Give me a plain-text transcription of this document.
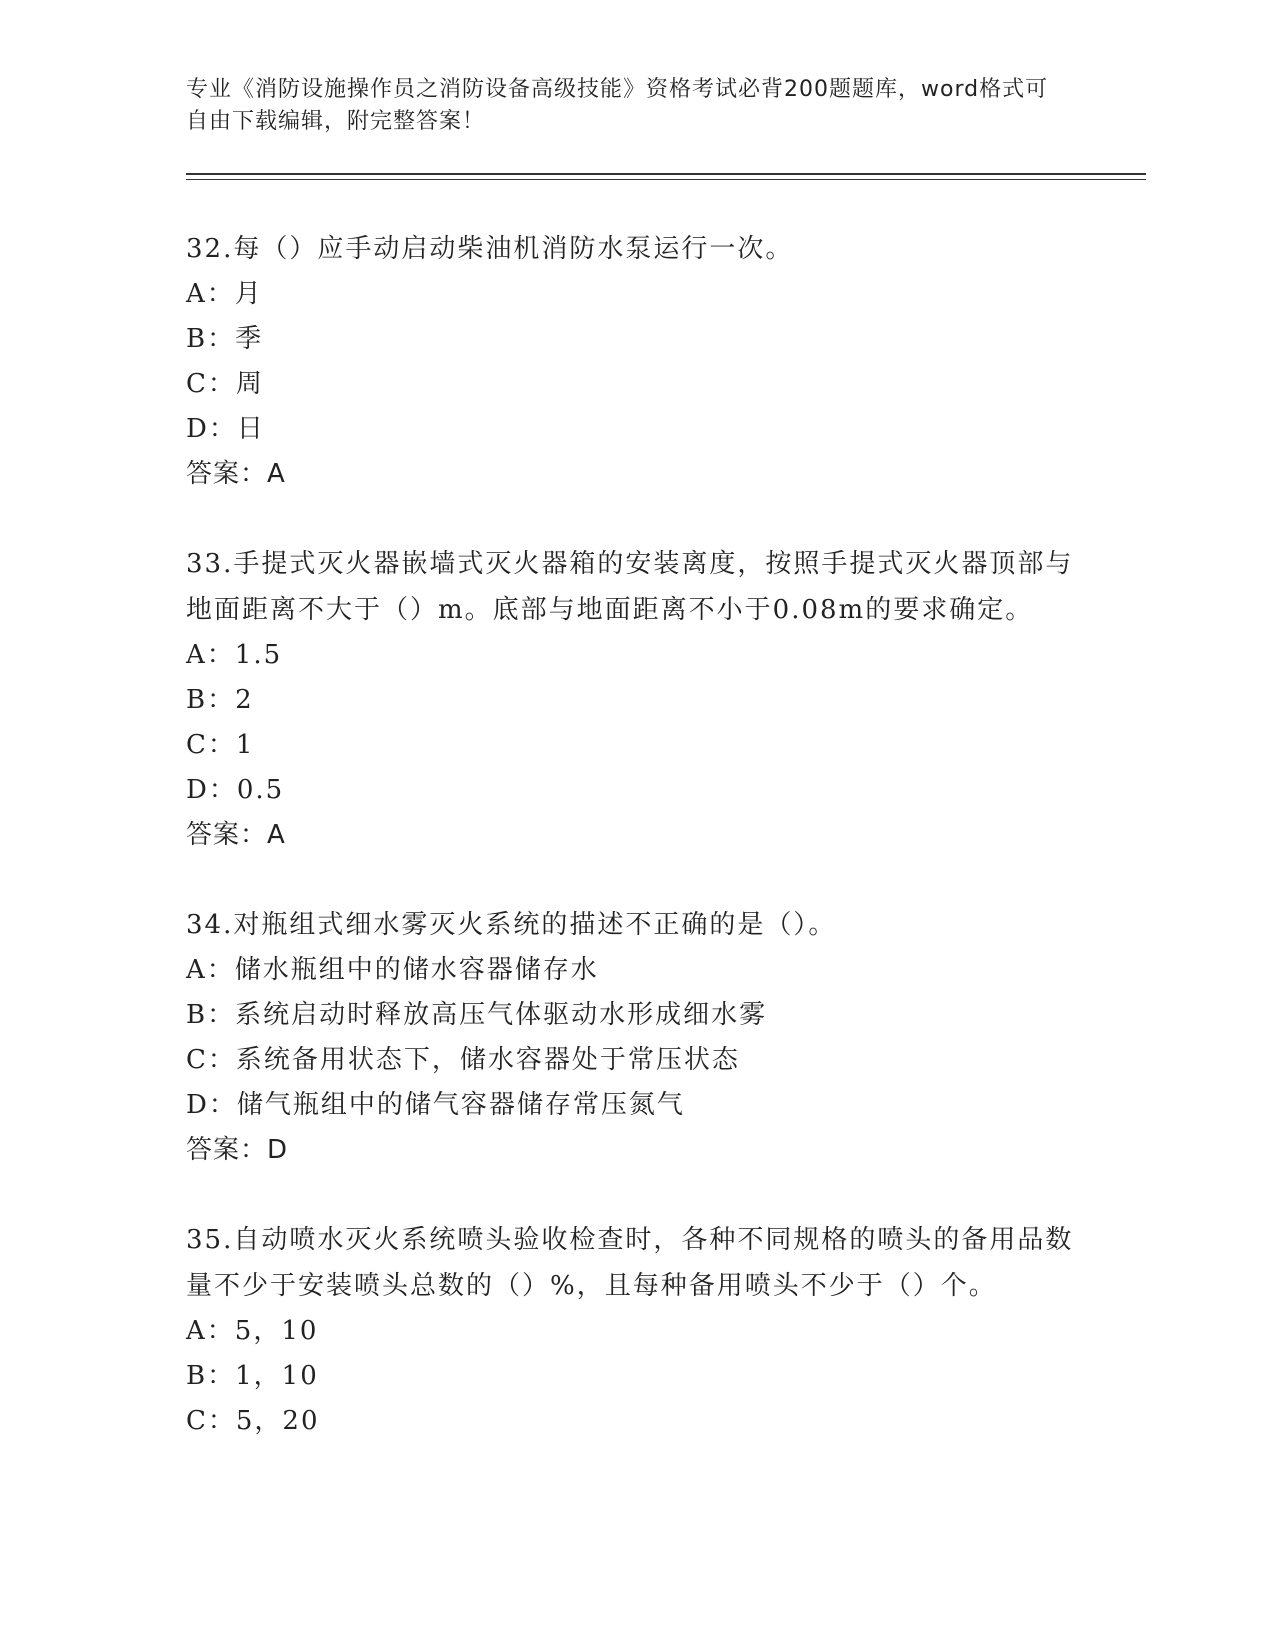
专业《消防设施操作员之消防设备高级技能》资格考试必背200题题库，word格式可自由下载编辑，附完整答案！
32.每（）应手动启动柴油机消防水泵运行一次。
A：月
B：季
C：周
D：日
答案：A
33.手提式灭火器嵌墙式灭火器箱的安装离度，按照手提式灭火器顶部与地面距离不大于（）m。底部与地面距离不小于0.08m的要求确定。
A：1.5
B：2
C：1
D：0.5
答案：A
34.对瓶组式细水雾灭火系统的描述不正确的是（）。
A：储水瓶组中的储水容器储存水
B：系统启动时释放高压气体驱动水形成细水雾
C：系统备用状态下，储水容器处于常压状态
D：储气瓶组中的储气容器储存常压氮气
答案：D
35.自动喷水灭火系统喷头验收检查时，各种不同规格的喷头的备用品数量不少于安装喷头总数的（）%，且每种备用喷头不少于（）个。
A：5，10
B：1，10
C：5，20
